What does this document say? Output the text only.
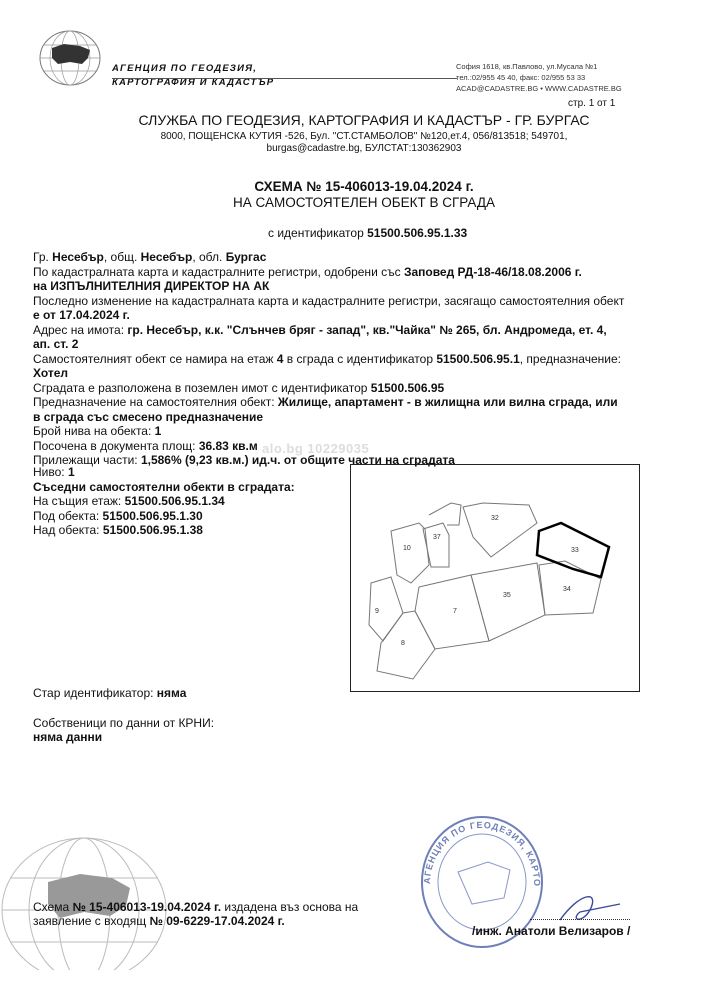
АГЕНЦИЯ ПО ГЕОДЕЗИЯ,
КАРТОГРАФИЯ И КАДАСТЪР
София 1618, кв.Павлово, ул.Мусала №1
тел.:02/955 45 40, факс: 02/955 53 33
ACAD@CADASTRE.BG • WWW.CADASTRE.BG
стр. 1 от 1
СЛУЖБА ПО ГЕОДЕЗИЯ, КАРТОГРАФИЯ И КАДАСТЪР - ГР. БУРГАС
8000, ПОЩЕНСКА КУТИЯ -526, Бул. "СТ.СТАМБОЛОВ" №120,ет.4, 056/813518; 549701,
burgas@cadastre.bg, БУЛСТАТ:130362903
СХЕМА № 15-406013-19.04.2024 г.
НА САМОСТОЯТЕЛЕН ОБЕКТ В СГРАДА
с идентификатор 51500.506.95.1.33
Гр. Несебър, общ. Несебър, обл. Бургас
По кадастралната карта и кадастралните регистри, одобрени със Заповед РД-18-46/18.08.2006 г.
на ИЗПЪЛНИТЕЛНИЯ ДИРЕКТОР НА АК
Последно изменение на кадастралната карта и кадастралните регистри, засягащо самостоятелния обект
е от 17.04.2024 г.
Адрес на имота: гр. Несебър, к.к. "Слънчев бряг - запад", кв."Чайка" № 265, бл. Андромеда, ет. 4,
ап. ст. 2
Самостоятелният обект се намира на етаж 4 в сграда с идентификатор 51500.506.95.1, предназначение:
Хотел
Сградата е разположена в поземлен имот с идентификатор 51500.506.95
Предназначение на самостоятелния обект: Жилище, апартамент - в жилищна или вилна сграда, или
в сграда със смесено предназначение
Брой нива на обекта: 1
Посочена в документа площ: 36.83 кв.м
Прилежащи части: 1,586% (9,23 кв.м.) ид.ч. от общите части на сградата
alo.bg 10229035
Ниво: 1
Съседни самостоятелни обекти в сградата:
На същия етаж: 51500.506.95.1.34
Под обекта: 51500.506.95.1.30
Над обекта: 51500.506.95.1.38
32
37
10	33
34
35
7
9
8
Стар идентификатор: няма
Собственици по данни от КРНИ:
няма данни
АГЕНЦИЯ ПО ГЕОДЕЗИЯ, КАРТО
Схема № 15-406013-19.04.2024 г. издадена въз основа на
заявление с входящ № 09-6229-17.04.2024 г.
/инж. Анатоли Велизаров /
